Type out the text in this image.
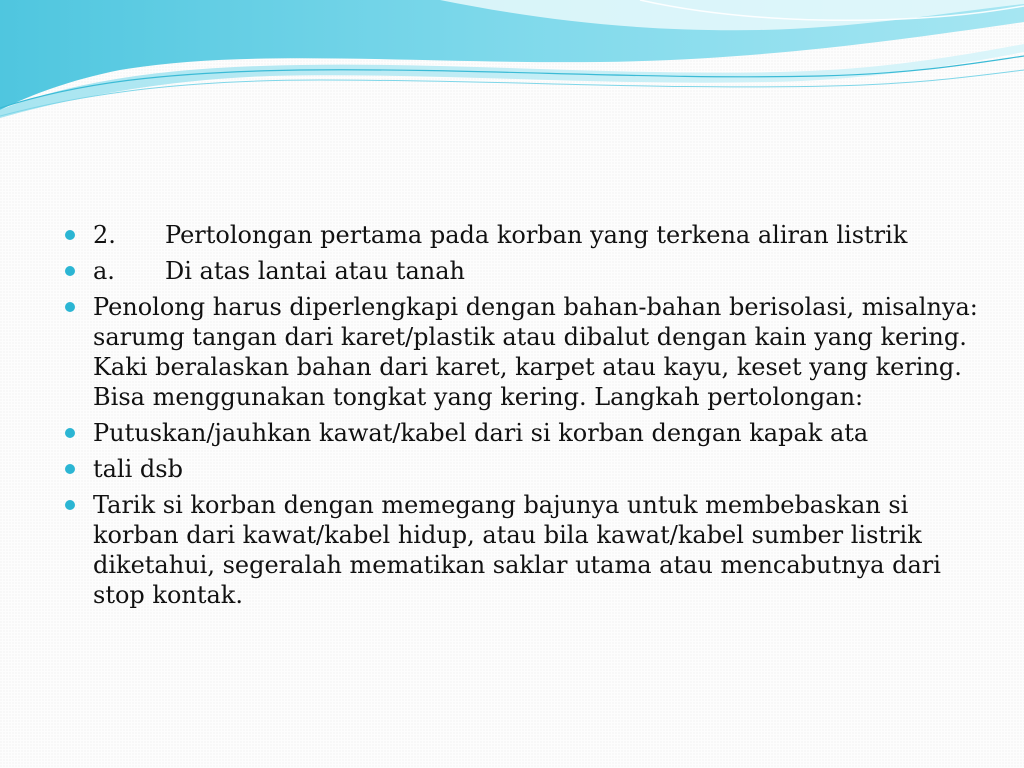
2. Pertolongan pertama pada korban yang terkena aliran listrik
a. Di atas lantai atau tanah
Penolong harus diperlengkapi dengan bahan-bahan berisolasi, misalnya: sarumg tangan dari karet/plastik atau dibalut dengan kain yang kering. Kaki beralaskan bahan dari karet, karpet atau kayu, keset yang kering. Bisa menggunakan tongkat yang kering. Langkah pertolongan:
Putuskan/jauhkan kawat/kabel dari si korban dengan kapak ata
tali dsb
Tarik si korban dengan memegang bajunya untuk membebaskan si korban dari kawat/kabel hidup, atau bila kawat/kabel sumber listrik diketahui, segeralah mematikan saklar utama atau mencabutnya dari stop kontak.
